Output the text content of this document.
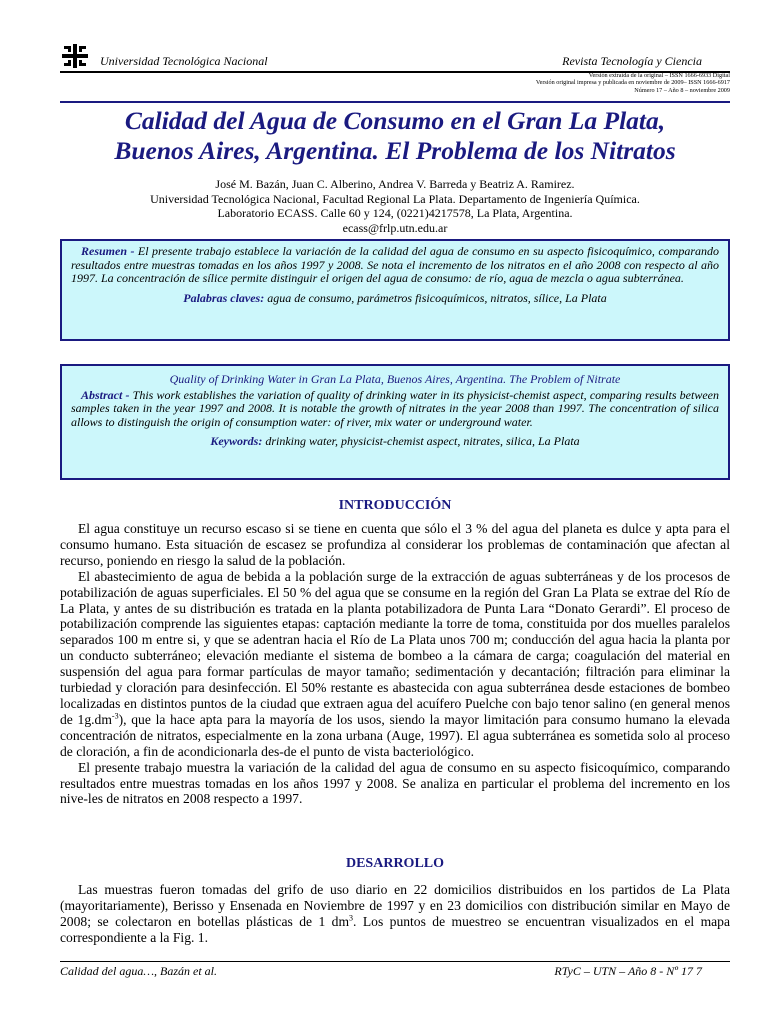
Universidad Tecnológica Nacional	Revista Tecnología y Ciencia
Versión extraída de la original – ISSN 1666-6933 Digital
Versión original impresa y publicada en noviembre de 2009– ISSN 1666-6917
Número 17 – Año 8 – noviembre 2009
Calidad del Agua de Consumo en el Gran La Plata,
Buenos Aires, Argentina. El Problema de los Nitratos
José M. Bazán, Juan C. Alberino, Andrea V. Barreda y Beatriz A. Ramirez.
Universidad Tecnológica Nacional, Facultad Regional La Plata. Departamento de Ingeniería Química.
Laboratorio ECASS. Calle 60 y 124, (0221)4217578, La Plata, Argentina.
ecass@frlp.utn.edu.ar

Resumen - El presente trabajo establece la variación de la calidad del agua de consumo en su aspecto fisicoquímico, comparando resultados entre muestras tomadas en los años 1997 y 2008. Se nota el incremento de los nitratos en el año 2008 con respecto al año 1997. La concentración de sílice permite distinguir el origen del agua de consumo: de río, agua de mezcla o agua subterránea.

Palabras claves: agua de consumo, parámetros fisicoquímicos, nitratos, sílice, La Plata
Quality of Drinking Water in Gran La Plata, Buenos Aires, Argentina. The Problem of Nitrate

Abstract - This work establishes the variation of quality of drinking water in its physicist-chemist aspect, comparing results between samples taken in the year 1997 and 2008. It is notable the growth of nitrates in the year 2008 than 1997. The concentration of silica allows to distinguish the origin of consumption water: of river, mix water or underground water.

Keywords: drinking water, physicist-chemist aspect, nitrates, silica, La Plata
INTRODUCCIÓN

El agua constituye un recurso escaso si se tiene en cuenta que sólo el 3 % del agua del planeta es dulce y apta para el consumo humano. Esta situación de escasez se profundiza al considerar los problemas de contaminación que afectan al recurso, poniendo en riesgo la salud de la población.

El abastecimiento de agua de bebida a la población surge de la extracción de aguas subterráneas y de los procesos de potabilización de aguas superficiales. El 50 % del agua que se consume en la región del Gran La Plata se extrae del Río de La Plata, y antes de su distribución es tratada en la planta potabilizadora de Punta Lara “Donato Gerardi”. El proceso de potabilización comprende las siguientes etapas: captación mediante la torre de toma, constituida por dos muelles paralelos separados 100 m entre si, y que se adentran hacia el Río de La Plata unos 700 m; conducción del agua hacia la planta por un conducto subterráneo; elevación mediante el sistema de bombeo a la cámara de carga; coagulación del material en suspensión del agua para formar partículas de mayor tamaño; sedimentación y decantación; filtración para eliminar la turbiedad y cloración para desinfección. El 50% restante es abastecida con agua subterránea desde estaciones de bombeo localizadas en distintos puntos de la ciudad que extraen agua del acuífero Puelche con bajo tenor salino (en general menos de $1g.dm^{-3}$), que la hace apta para la mayoría de los usos, siendo la mayor limitación para consumo humano la elevada concentración de nitratos, especialmente en la zona urbana (Auge, 1997). El agua subterránea es sometida solo al proceso de cloración, a fin de acondicionarla des-de el punto de vista bacteriológico.

El presente trabajo muestra la variación de la calidad del agua de consumo en su aspecto fisicoquímico, comparando resultados entre muestras tomadas en los años 1997 y 2008. Se analiza en particular el problema del incremento en los nive-les de nitratos en 2008 respecto a 1997.

DESARROLLO

Las muestras fueron tomadas del grifo de uso diario en 22 domicilios distribuidos en los partidos de La Plata (mayoritariamente), Berisso y Ensenada en Noviembre de 1997 y en 23 domicilios con distribución similar en Mayo de 2008; se colectaron en botellas plásticas de 1 $dm^3$. Los puntos de muestreo se encuentran visualizados en el mapa correspondiente a la Fig. 1.

Calidad del agua…, Bazán et al.	RTyC – UTN – Año 8 - Nº 17 7
